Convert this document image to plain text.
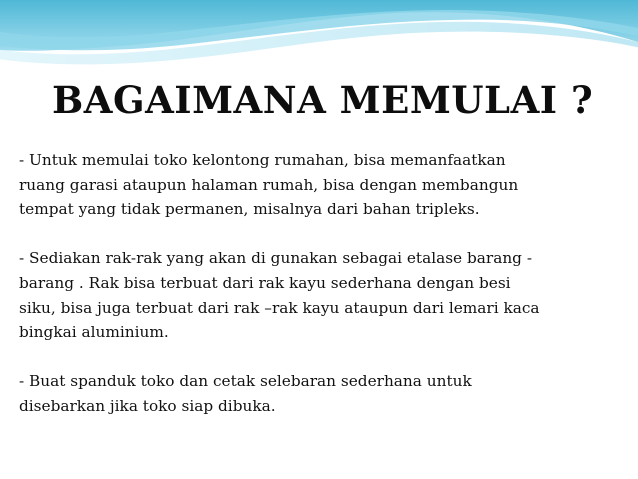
BAGAIMANA MEMULAI ?

- Untuk memulai toko kelontong rumahan, bisa memanfaatkan
ruang garasi ataupun halaman rumah, bisa dengan membangun
tempat yang tidak permanen, misalnya dari bahan tripleks.

- Sediakan rak-rak yang akan di gunakan sebagai etalase barang -
barang . Rak bisa terbuat dari rak kayu sederhana dengan besi
siku, bisa juga terbuat dari rak –rak kayu ataupun dari lemari kaca
bingkai aluminium.

- Buat spanduk toko dan cetak selebaran sederhana untuk
disebarkan jika toko siap dibuka.
